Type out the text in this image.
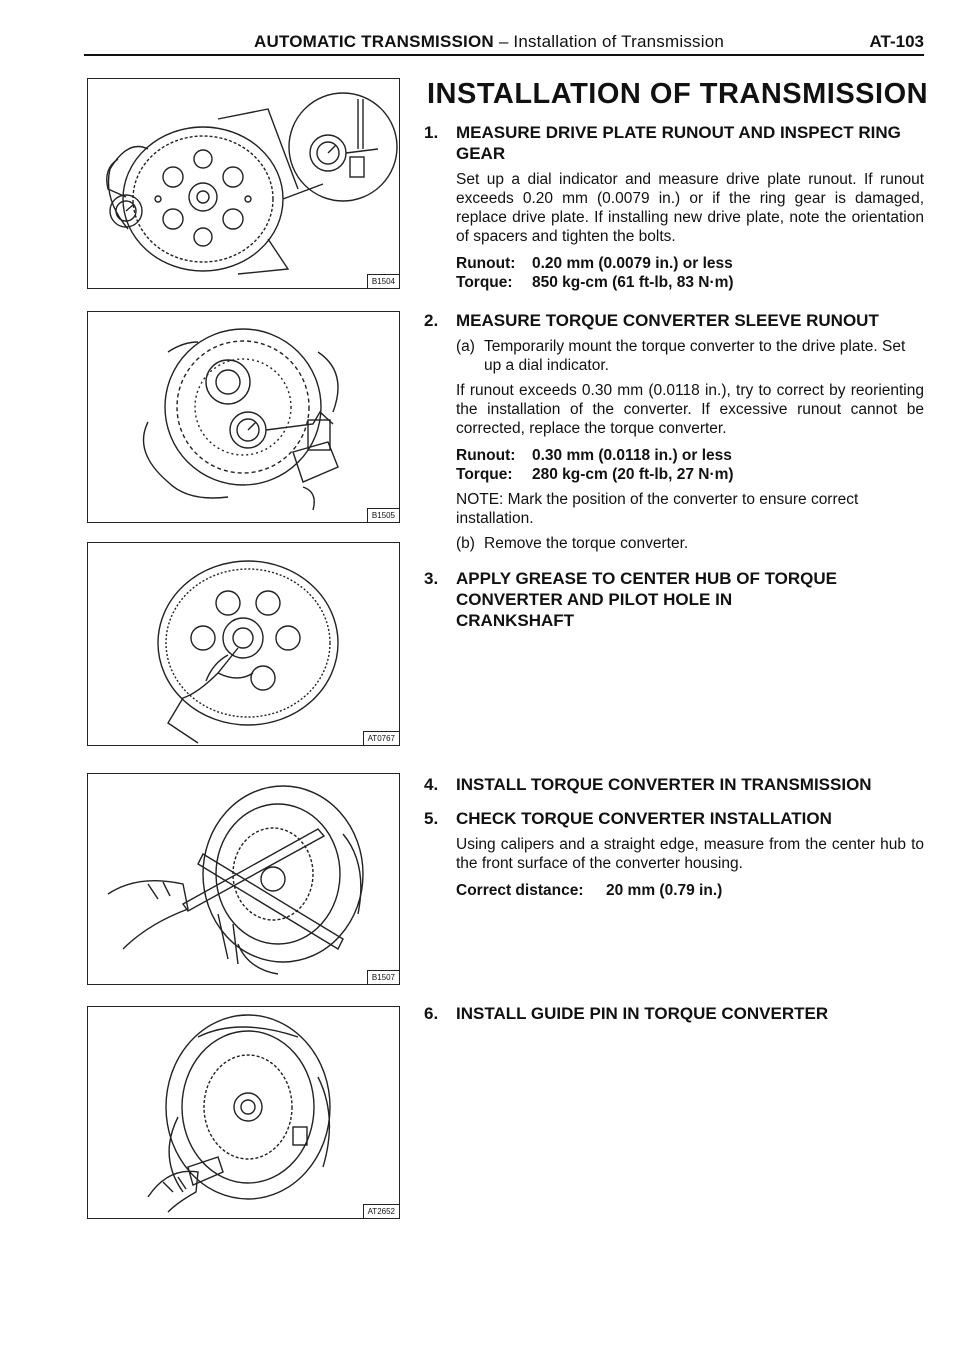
AUTOMATIC TRANSMISSION – Installation of Transmission	AT-103
B1504
B1505
AT0767
B1507
AT2652
INSTALLATION OF TRANSMISSION
1.	MEASURE DRIVE PLATE RUNOUT AND INSPECT RING GEAR
Set up a dial indicator and measure drive plate runout. If runout exceeds 0.20 mm (0.0079 in.) or if the ring gear is damaged, replace drive plate. If installing new drive plate, note the orientation of spacers and tighten the bolts.
Runout: 0.20 mm (0.0079 in.) or less
Torque: 850 kg-cm (61 ft-lb, 83 N·m)
2.	MEASURE TORQUE CONVERTER SLEEVE RUNOUT
(a) Temporarily mount the torque converter to the drive plate. Set up a dial indicator.
If runout exceeds 0.30 mm (0.0118 in.), try to correct by reorienting the installation of the converter. If excessive runout cannot be corrected, replace the torque converter.
Runout: 0.30 mm (0.0118 in.) or less
Torque: 280 kg-cm (20 ft-lb, 27 N·m)
NOTE: Mark the position of the converter to ensure correct installation.
(b) Remove the torque converter.
3.	APPLY GREASE TO CENTER HUB OF TORQUE CONVERTER AND PILOT HOLE IN CRANKSHAFT
4.	INSTALL TORQUE CONVERTER IN TRANSMISSION
5.	CHECK TORQUE CONVERTER INSTALLATION
Using calipers and a straight edge, measure from the center hub to the front surface of the converter housing.
Correct distance: 20 mm (0.79 in.)
6.	INSTALL GUIDE PIN IN TORQUE CONVERTER
